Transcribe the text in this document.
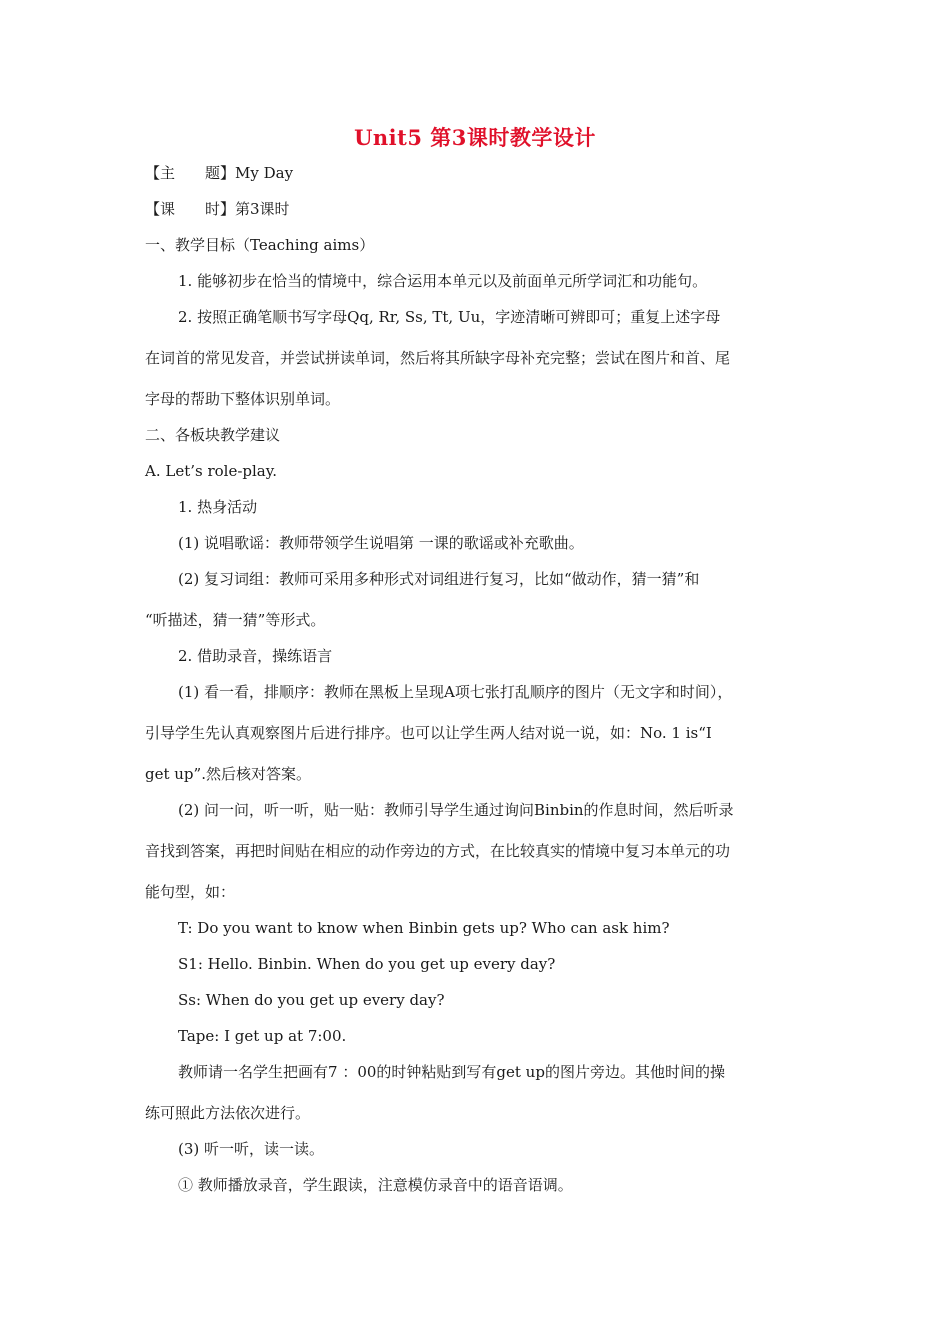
Unit5 第3课时教学设计
【主　　题】My Day
【课　　时】第3课时
一、教学目标（Teaching aims）
1. 能够初步在恰当的情境中，综合运用本单元以及前面单元所学词汇和功能句。
2. 按照正确笔顺书写字母Qq, Rr, Ss, Tt, Uu，字迹清晰可辨即可；重复上述字母
在词首的常见发音，并尝试拼读单词，然后将其所缺字母补充完整；尝试在图片和首、尾
字母的帮助下整体识别单词。
二、各板块教学建议
A. Let’s role-play.
1. 热身活动
(1) 说唱歌谣：教师带领学生说唱第 一课的歌谣或补充歌曲。
(2) 复习词组：教师可采用多种形式对词组进行复习，比如“做动作，猜一猜”和
“听描述，猜一猜”等形式。
2. 借助录音，操练语言
(1) 看一看，排顺序：教师在黑板上呈现A项七张打乱顺序的图片（无文字和时间），
引导学生先认真观察图片后进行排序。也可以让学生两人结对说一说，如：No. 1 is“I
get up”.然后核对答案。
(2) 问一问，听一听，贴一贴：教师引导学生通过询问Binbin的作息时间，然后听录
音找到答案，再把时间贴在相应的动作旁边的方式，在比较真实的情境中复习本单元的功
能句型，如：
T: Do you want to know when Binbin gets up? Who can ask him?
S1: Hello. Binbin. When do you get up every day?
Ss: When do you get up every day?
Tape: I get up at 7:00.
教师请一名学生把画有7 ：00的时钟粘贴到写有get up的图片旁边。其他时间的操
练可照此方法依次进行。
(3) 听一听，读一读。
① 教师播放录音，学生跟读，注意模仿录音中的语音语调。
